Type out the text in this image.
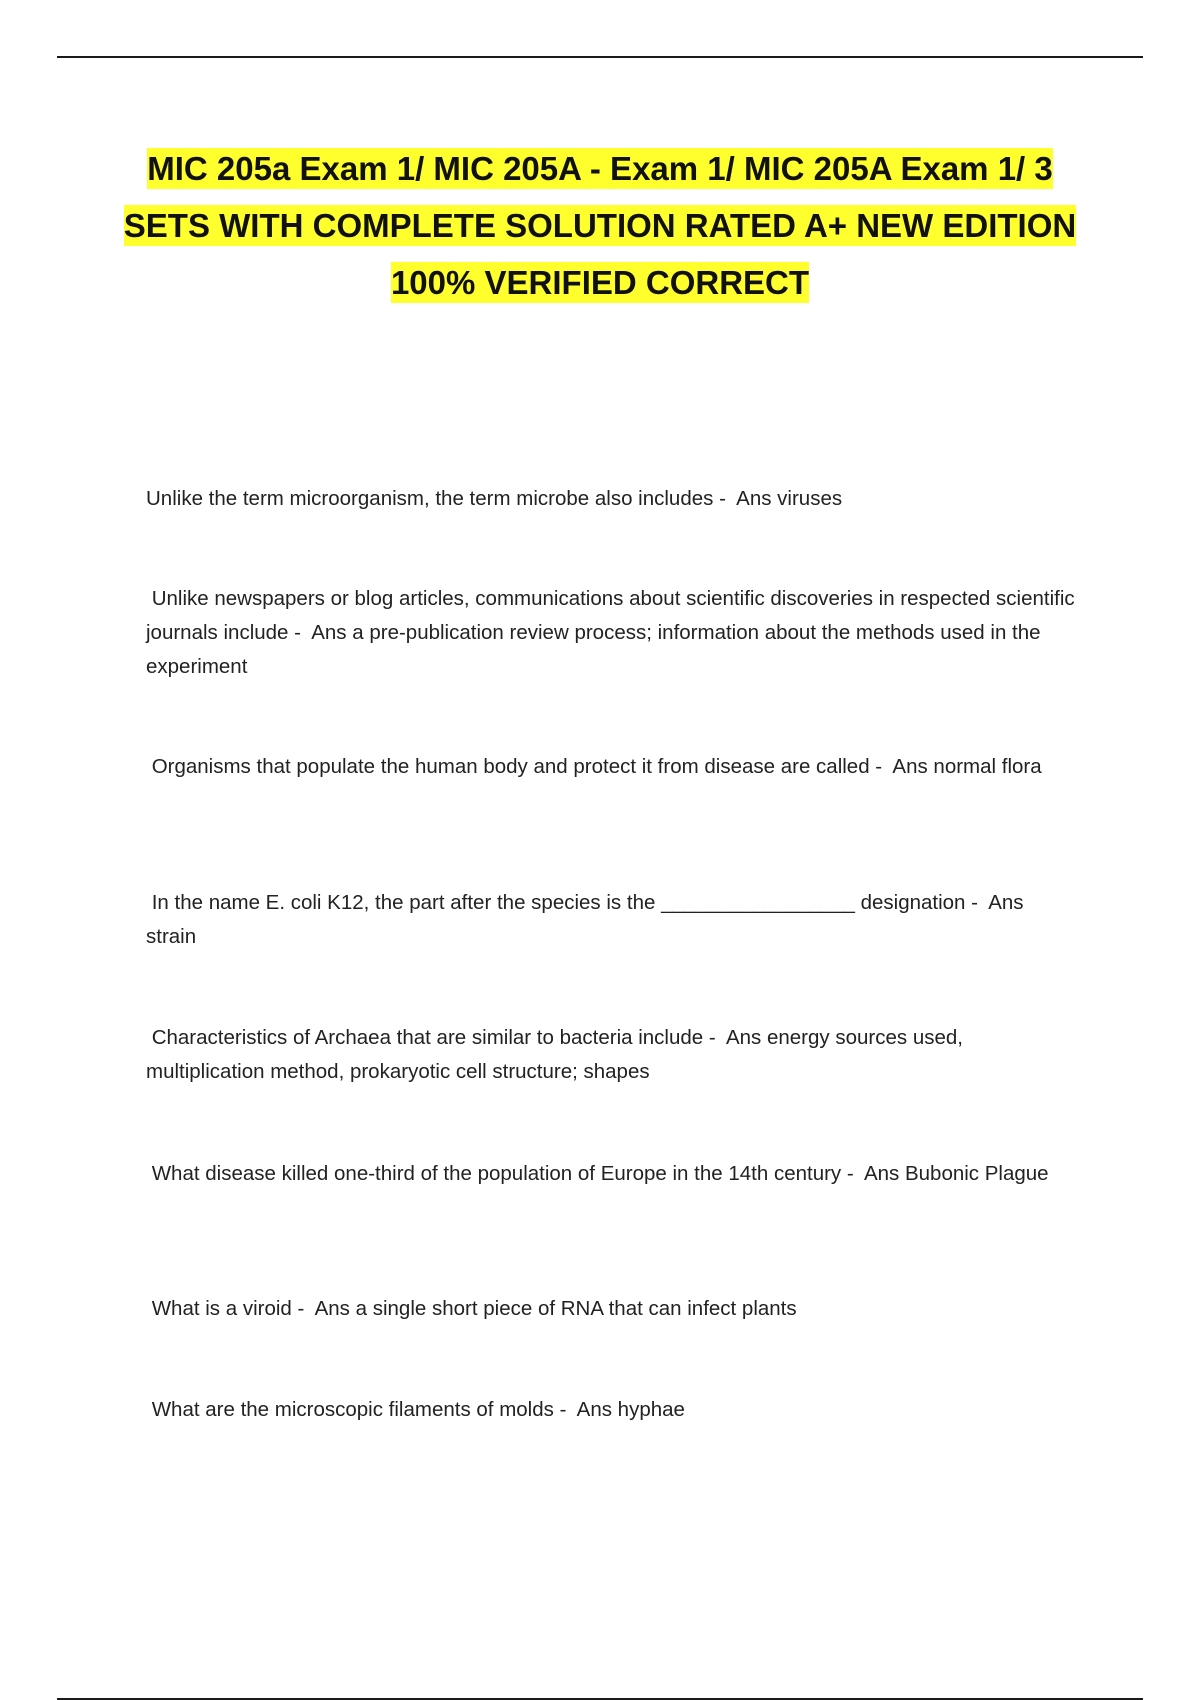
MIC 205a Exam 1/ MIC 205A - Exam 1/ MIC 205A Exam 1/ 3 SETS WITH COMPLETE SOLUTION RATED A+ NEW EDITION 100% VERIFIED CORRECT

Unlike the term microorganism, the term microbe also includes -  Ans viruses

Unlike newspapers or blog articles, communications about scientific discoveries in respected scientific journals include -  Ans a pre-publication review process; information about the methods used in the experiment

Organisms that populate the human body and protect it from disease are called -  Ans normal flora

In the name E. coli K12, the part after the species is the _________________ designation -  Ans strain

Characteristics of Archaea that are similar to bacteria include -  Ans energy sources used, multiplication method, prokaryotic cell structure; shapes

What disease killed one-third of the population of Europe in the 14th century -  Ans Bubonic Plague

What is a viroid -  Ans a single short piece of RNA that can infect plants

What are the microscopic filaments of molds -  Ans hyphae
